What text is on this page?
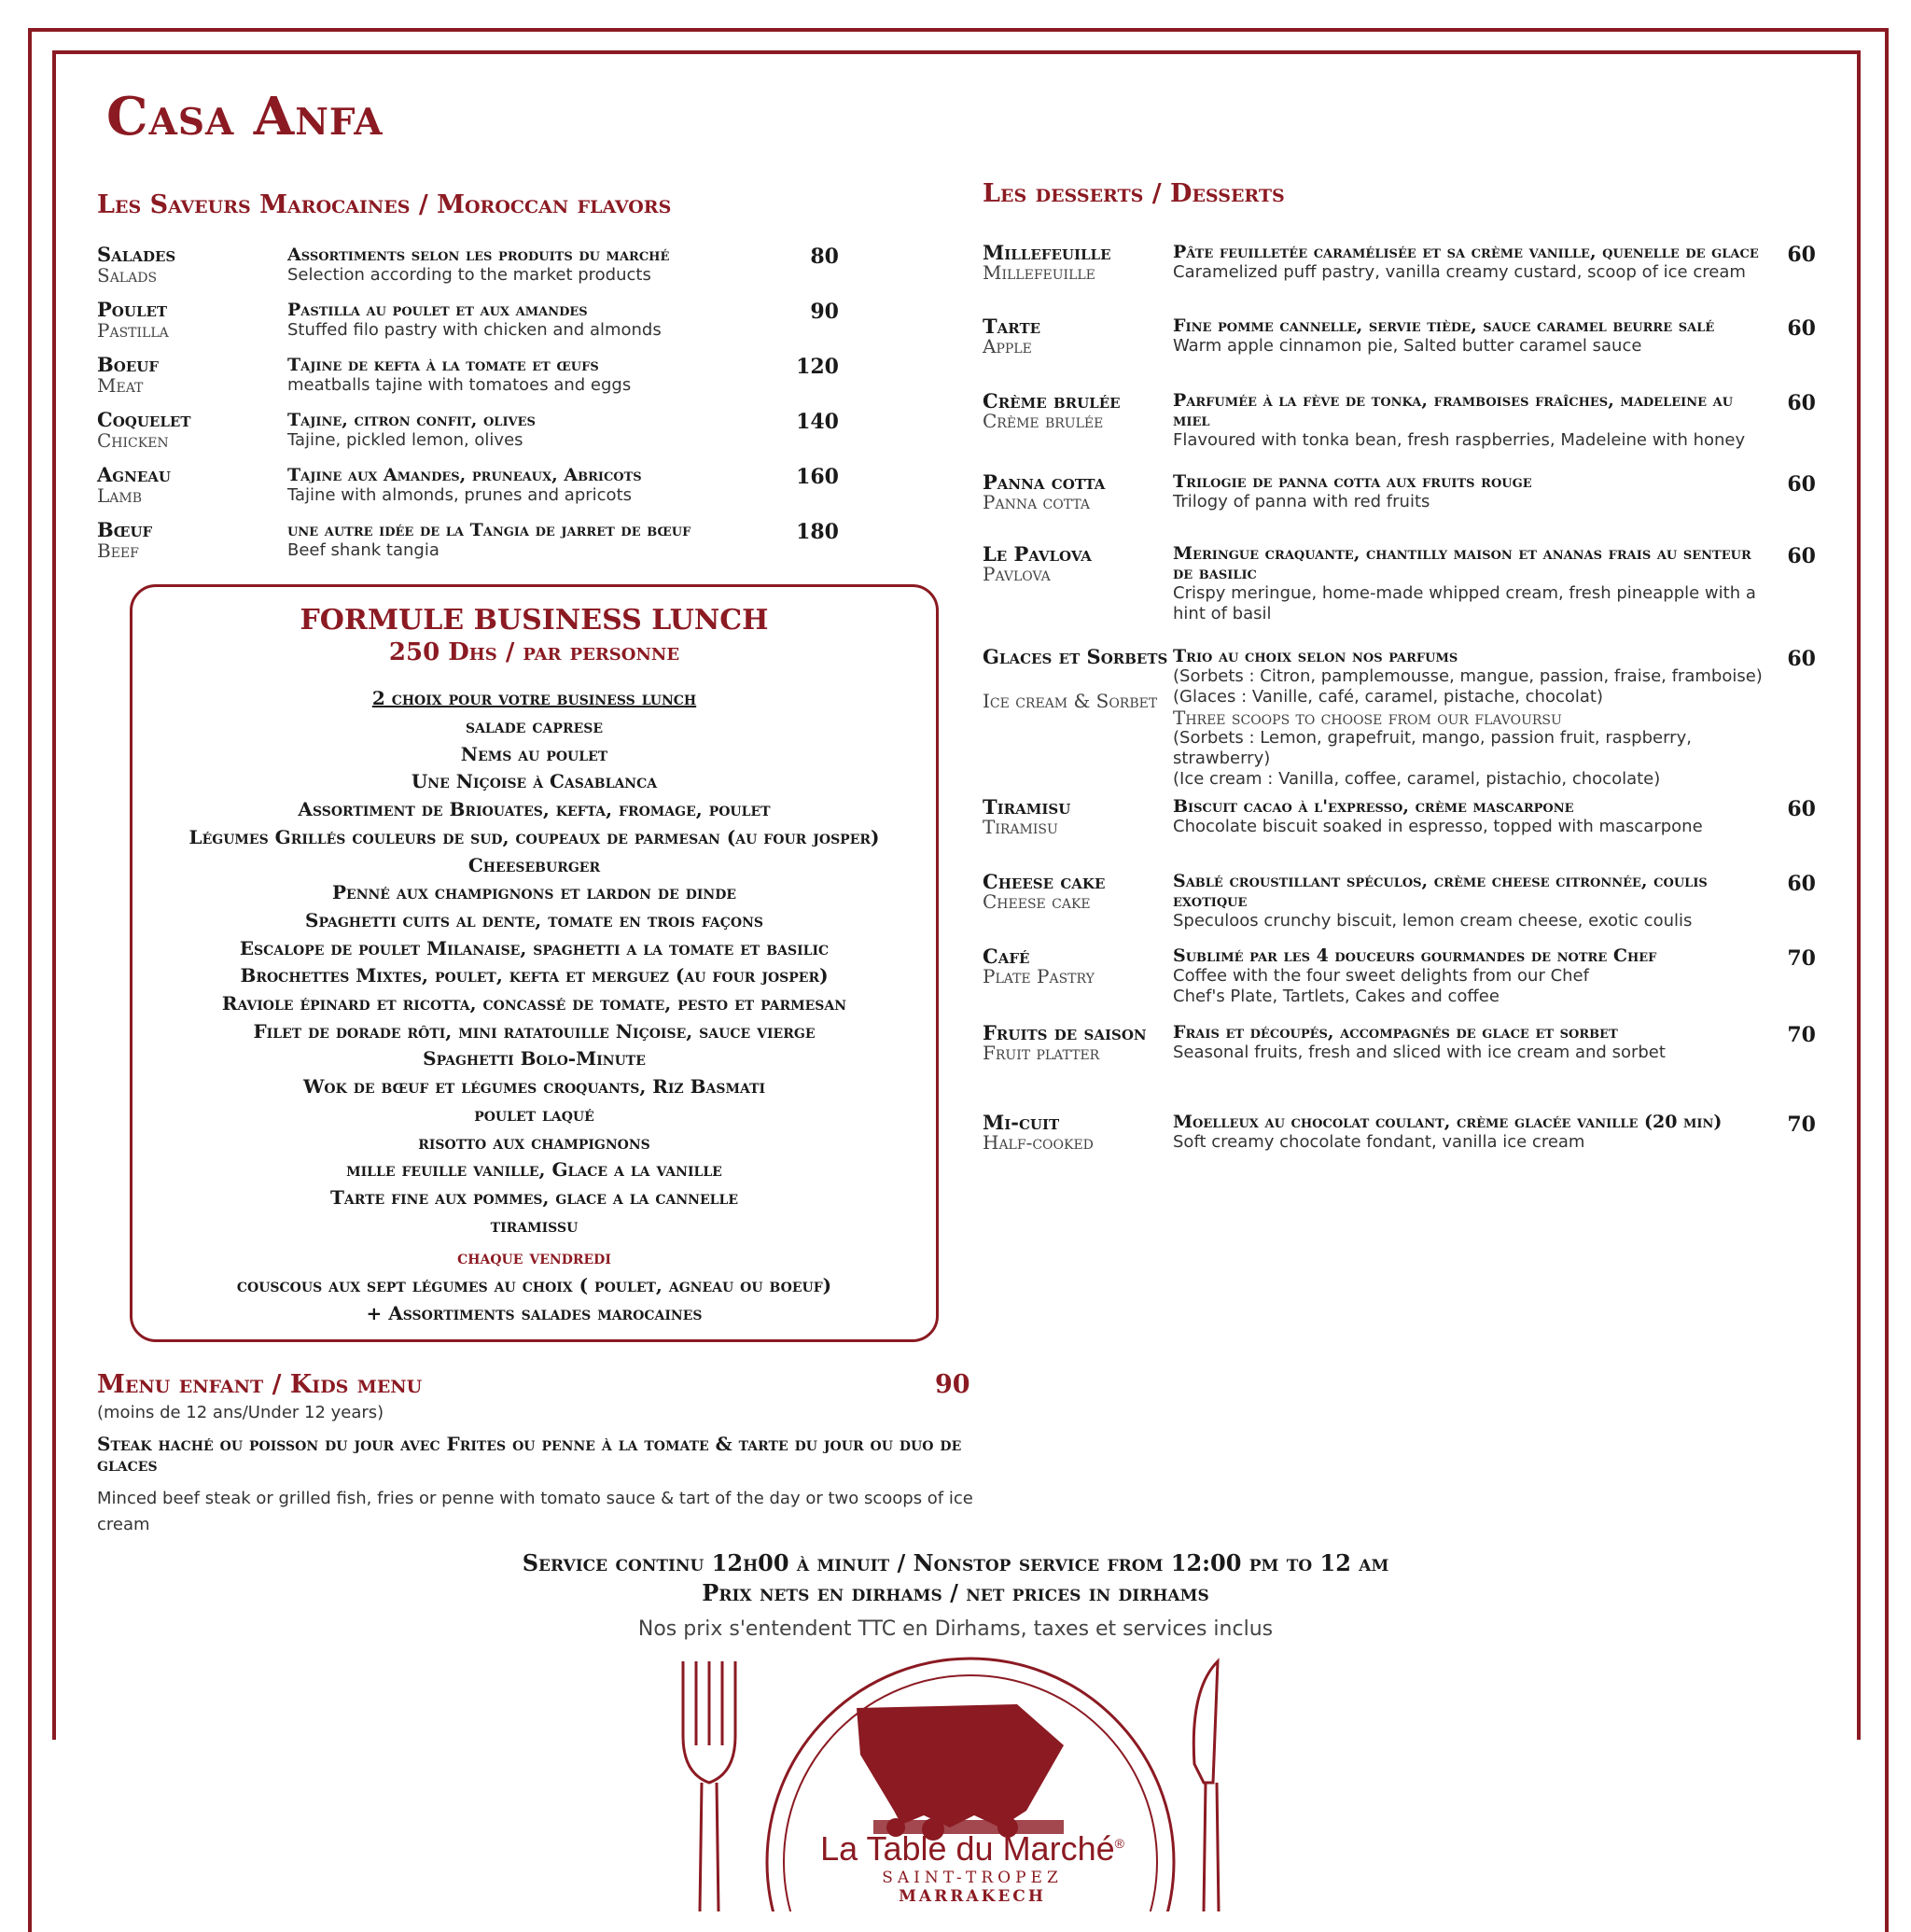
Casa Anfa
Les Saveurs Marocaines / Moroccan flavors
Salades
Salads
Assortiments selon les produits du marché
Selection according to the market products
80
Poulet
Pastilla
Pastilla au poulet et aux amandes
Stuffed filo pastry with chicken and almonds
90
Boeuf
Meat
Tajine de kefta à la tomate et œufs
meatballs tajine with tomatoes and eggs
120
Coquelet
Chicken
Tajine, citron confit, olives
Tajine, pickled lemon, olives
140
Agneau
Lamb
Tajine aux Amandes, pruneaux, Abricots
Tajine with almonds, prunes and apricots
160
Bœuf
Beef
une autre idée de la Tangia de jarret de bœuf
Beef shank tangia
180
FORMULE BUSINESS LUNCH
250 Dhs / par personne
2 choix pour votre business lunch
salade caprese
Nems au poulet
Une Niçoise à Casablanca
Assortiment de Briouates, kefta, fromage, poulet
Légumes Grillés couleurs de sud, coupeaux de parmesan (au four josper)
Cheeseburger
Penné aux champignons et lardon de dinde
Spaghetti cuits al dente, tomate en trois façons
Escalope de poulet Milanaise, spaghetti a la tomate et basilic
Brochettes Mixtes, poulet, kefta et merguez (au four josper)
Raviole épinard et ricotta, concassé de tomate, pesto et parmesan
Filet de dorade rôti, mini ratatouille Niçoise, sauce vierge
Spaghetti Bolo-Minute
Wok de bœuf et légumes croquants, Riz Basmati
poulet laqué
risotto aux champignons
mille feuille vanille, Glace a la vanille
Tarte fine aux pommes, glace a la cannelle
tiramissu
chaque vendredi
couscous aux sept légumes au choix ( poulet, agneau ou boeuf)
+ Assortiments salades marocaines
Menu enfant / Kids menu	90
(moins de 12 ans/Under 12 years)
Steak haché ou poisson du jour avec Frites ou penne à la tomate & tarte du jour ou duo de glaces
Minced beef steak or grilled fish, fries or penne with tomato sauce & tart of the day or two scoops of ice cream
Les desserts / Desserts
Millefeuille
Millefeuille
Pâte feuilletée caramélisée et sa crème vanille, quenelle de glace
Caramelized puff pastry, vanilla creamy custard, scoop of ice cream
60
Tarte
Apple
Fine pomme cannelle, servie tiède, sauce caramel beurre salé
Warm apple cinnamon pie, Salted butter caramel sauce
60
Crème brulée
Crème brulée
Parfumée à la fève de tonka, framboises fraîches, madeleine au miel
Flavoured with tonka bean, fresh raspberries, Madeleine with honey
60
Panna cotta
Panna cotta
Trilogie de panna cotta aux fruits rouge
Trilogy of panna with red fruits
60
Le Pavlova
Pavlova
Meringue craquante, chantilly maison et ananas frais au senteur de basilic
Crispy meringue, home-made whipped cream, fresh pineapple with a hint of basil
60
Glaces et Sorbets
Ice cream & Sorbet
Trio au choix selon nos parfums
(Sorbets : Citron, pamplemousse, mangue, passion, fraise, framboise)
(Glaces : Vanille, café, caramel, pistache, chocolat)
Three scoops to choose from our flavoursu
(Sorbets : Lemon, grapefruit, mango, passion fruit, raspberry, strawberry)
(Ice cream : Vanilla, coffee, caramel, pistachio, chocolate)
60
Tiramisu
Tiramisu
Biscuit cacao à l'expresso, crème mascarpone
Chocolate biscuit soaked in espresso, topped with mascarpone
60
Cheese cake
Cheese cake
Sablé croustillant spéculos, crème cheese citronnée, coulis exotique
Speculoos crunchy biscuit, lemon cream cheese, exotic coulis
60
Café
Plate Pastry
Sublimé par les 4 douceurs gourmandes de notre Chef
Coffee with the four sweet delights from our Chef
Chef's Plate, Tartlets, Cakes and coffee
70
Fruits de saison
Fruit platter
Frais et découpés, accompagnés de glace et sorbet
Seasonal fruits, fresh and sliced with ice cream and sorbet
70
Mi-cuit
Half-cooked
Moelleux au chocolat coulant, crème glacée vanille (20 min)
Soft creamy chocolate fondant, vanilla ice cream
70
Service continu 12h00 à minuit / Nonstop service from 12:00 pm to 12 am
Prix nets en dirhams / net prices in dirhams
Nos prix s'entendent TTC en Dirhams, taxes et services inclus
La Table du Marché®
SAINT-TROPEZ
MARRAKECH
